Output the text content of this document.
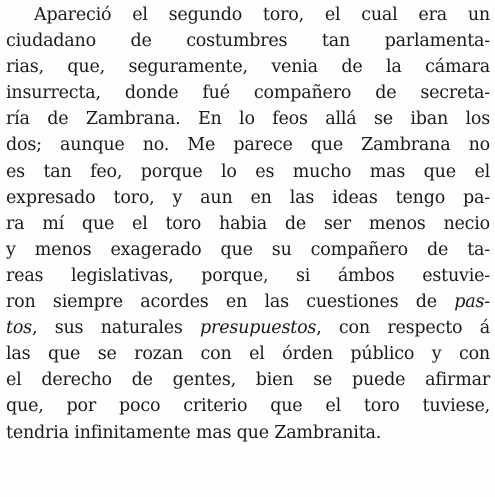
Apareció el segundo toro, el cual era un
ciudadano de costumbres tan parlamenta-
rias, que, seguramente, venia de la cámara
insurrecta, donde fué compañero de secreta-
ría de Zambrana. En lo feos allá se iban los
dos; aunque no. Me parece que Zambrana no
es tan feo, porque lo es mucho mas que el
expresado toro, y aun en las ideas tengo pa-
ra mí que el toro habia de ser menos necio
y menos exagerado que su compañero de ta-
reas legislativas, porque, si ámbos estuvie-
ron siempre acordes en las cuestiones de pas-
tos, sus naturales presupuestos, con respecto á
las que se rozan con el órden público y con
el derecho de gentes, bien se puede afirmar
que, por poco criterio que el toro tuviese,
tendria infinitamente mas que Zambranita.
